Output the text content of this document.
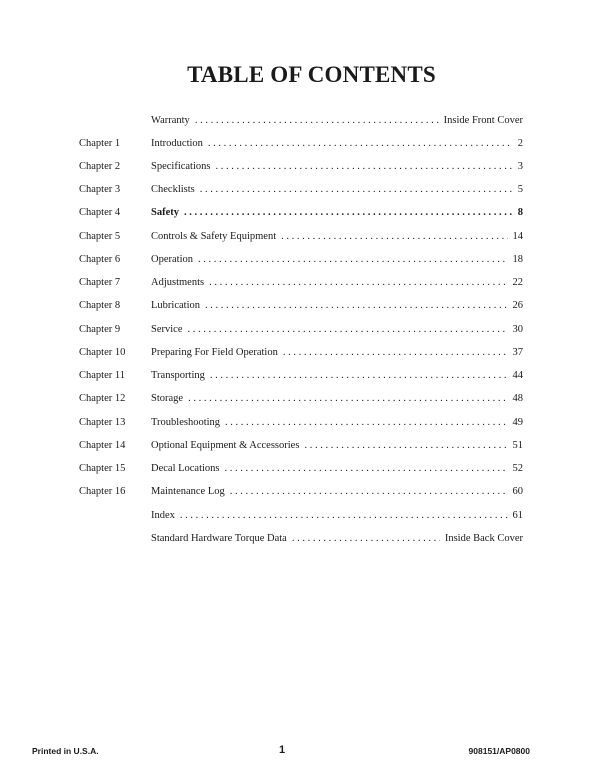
TABLE OF CONTENTS
Warranty . . .	Inside Front Cover
Chapter 1	Introduction . . .	2
Chapter 2	Specifications . . .	3
Chapter 3	Checklists . . .	5
Chapter 4	Safety . . .	8
Chapter 5	Controls & Safety Equipment . . .	14
Chapter 6	Operation . . .	18
Chapter 7	Adjustments . . .	22
Chapter 8	Lubrication . . .	26
Chapter 9	Service . . .	30
Chapter 10	Preparing For Field Operation . . .	37
Chapter 11	Transporting . . .	44
Chapter 12	Storage . . .	48
Chapter 13	Troubleshooting . . .	49
Chapter 14	Optional Equipment & Accessories . . .	51
Chapter 15	Decal Locations . . .	52
Chapter 16	Maintenance Log . . .	60
Index . . .	61
Standard Hardware Torque Data . . .	Inside Back Cover
Printed in U.S.A.	1	908151/AP0800
